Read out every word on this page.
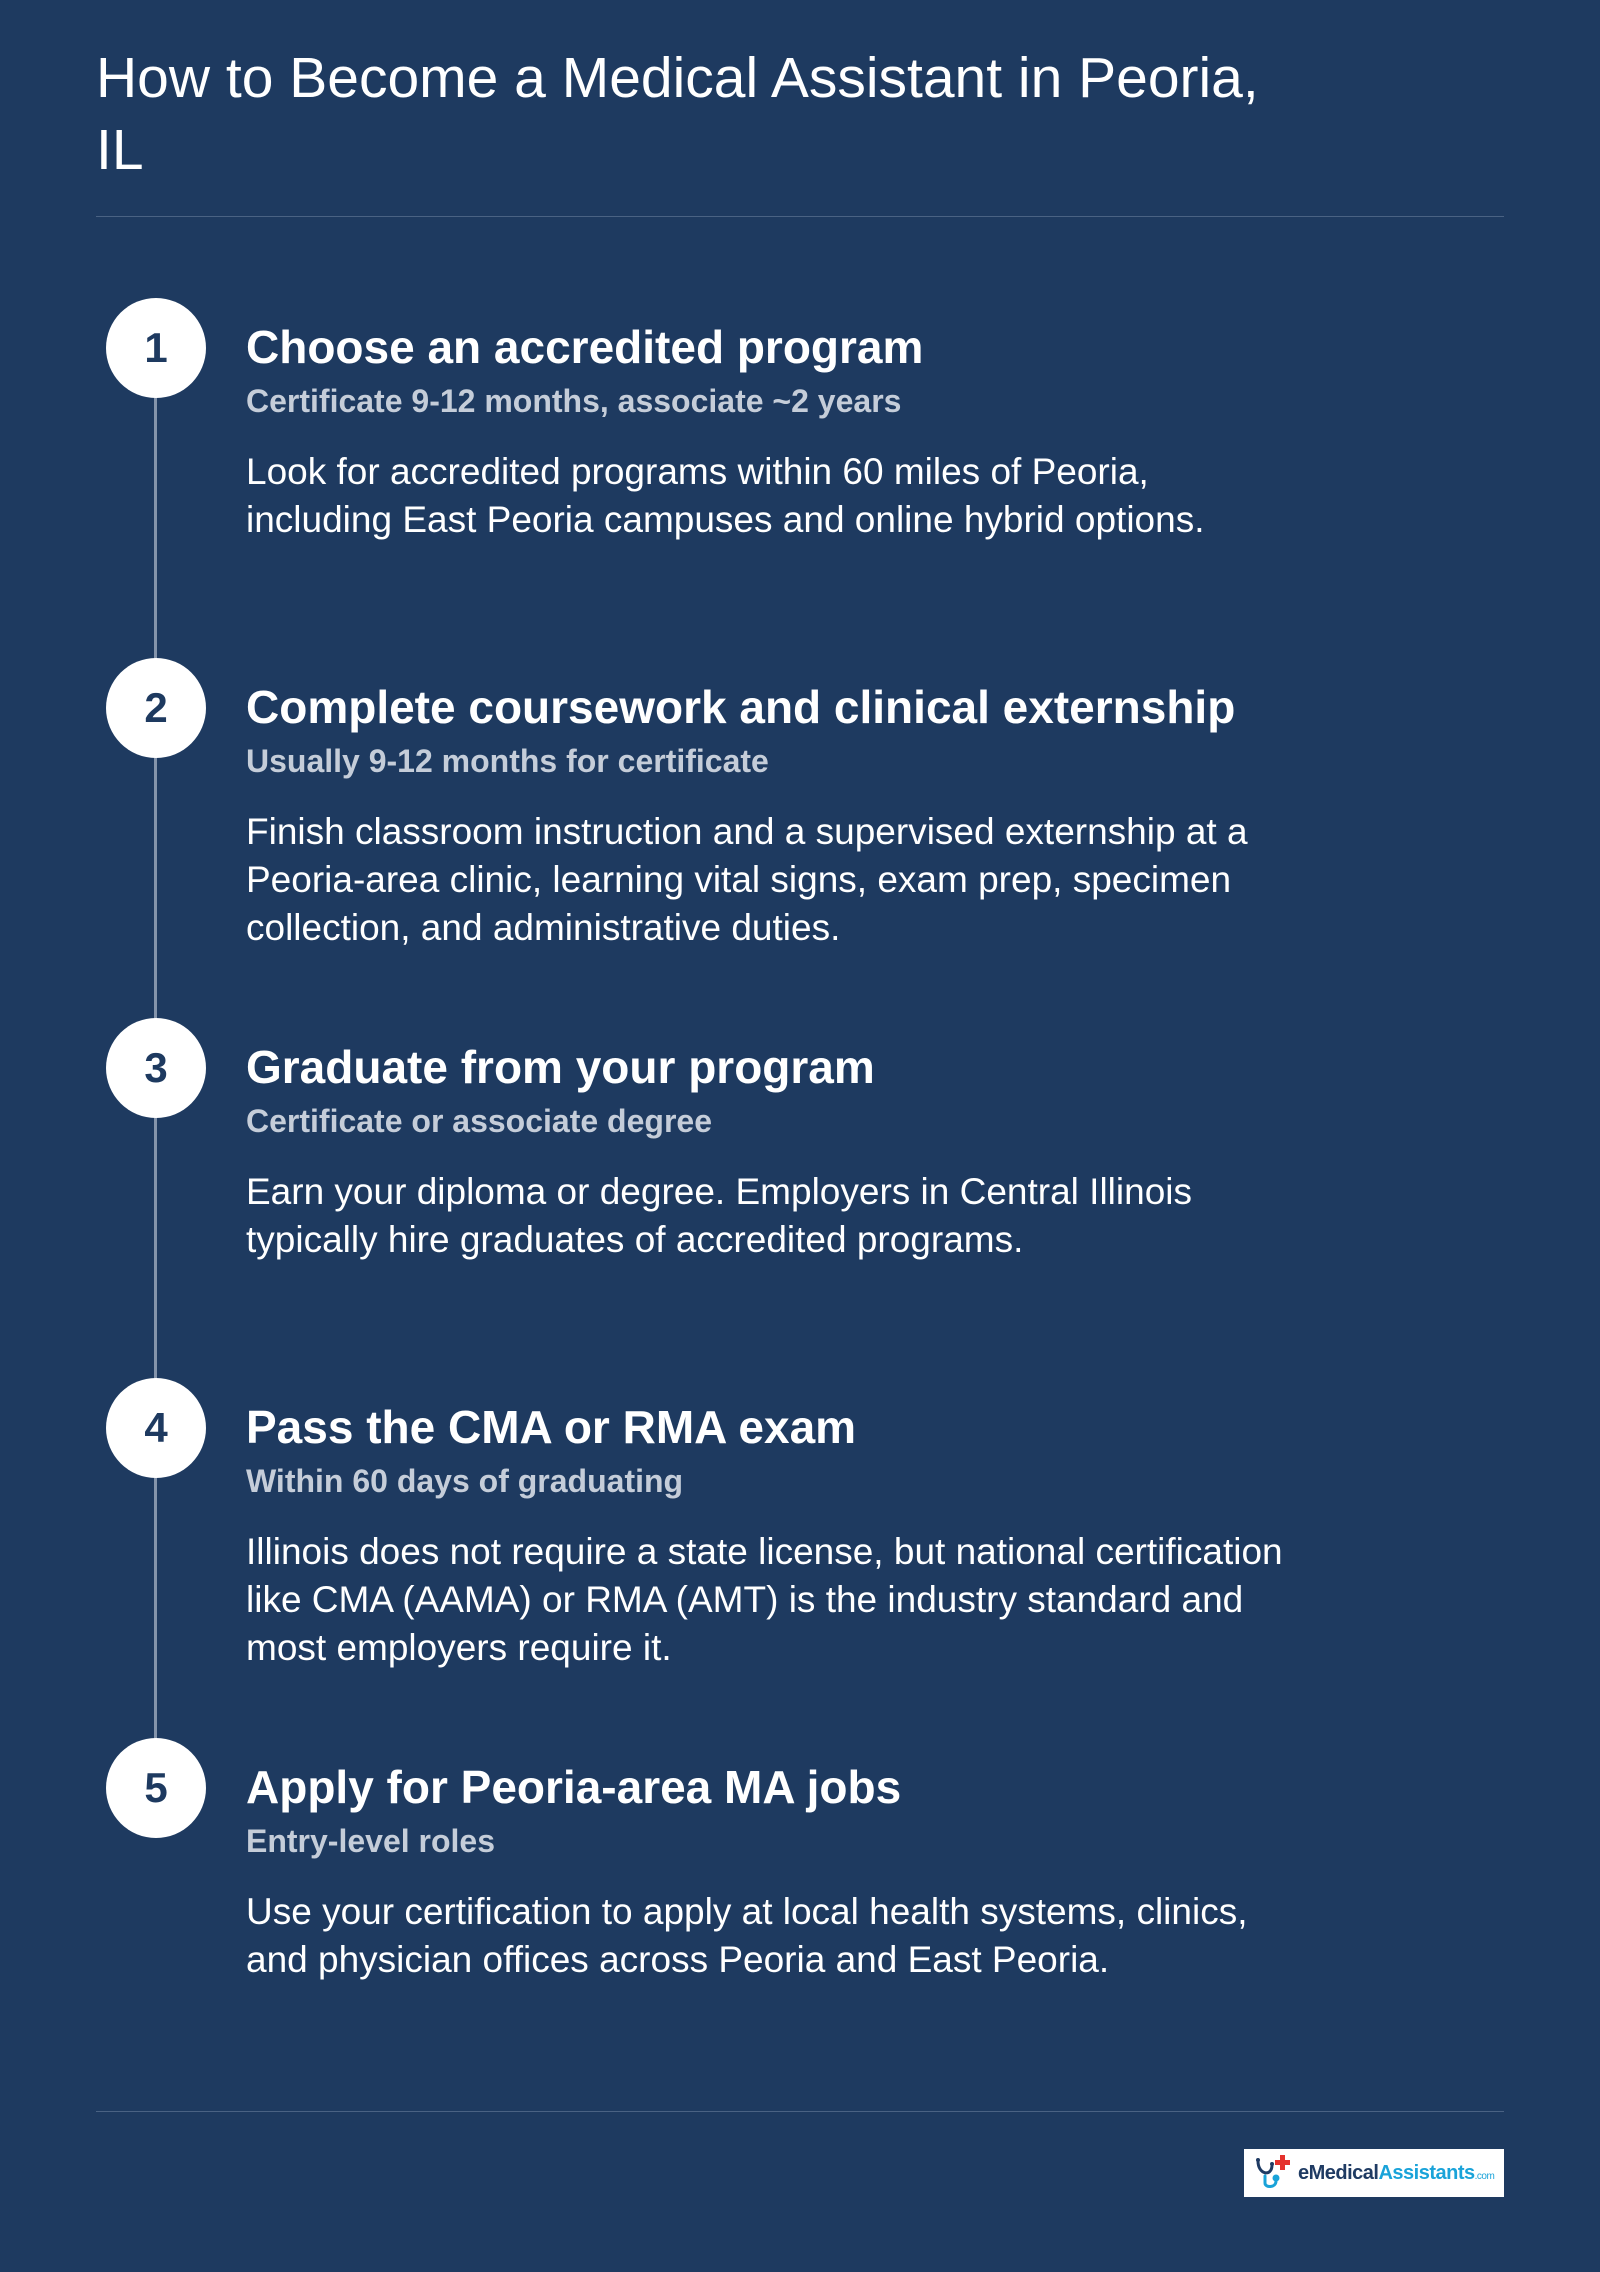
How to Become a Medical Assistant in Peoria, IL
1	Choose an accredited program
Certificate 9-12 months, associate ~2 years
Look for accredited programs within 60 miles of Peoria, including East Peoria campuses and online hybrid options.
2	Complete coursework and clinical externship
Usually 9-12 months for certificate
Finish classroom instruction and a supervised externship at a Peoria-area clinic, learning vital signs, exam prep, specimen collection, and administrative duties.
3	Graduate from your program
Certificate or associate degree
Earn your diploma or degree. Employers in Central Illinois typically hire graduates of accredited programs.
4	Pass the CMA or RMA exam
Within 60 days of graduating
Illinois does not require a state license, but national certification like CMA (AAMA) or RMA (AMT) is the industry standard and most employers require it.
5	Apply for Peoria-area MA jobs
Entry-level roles
Use your certification to apply at local health systems, clinics, and physician offices across Peoria and East Peoria.
eMedicalAssistants.com
